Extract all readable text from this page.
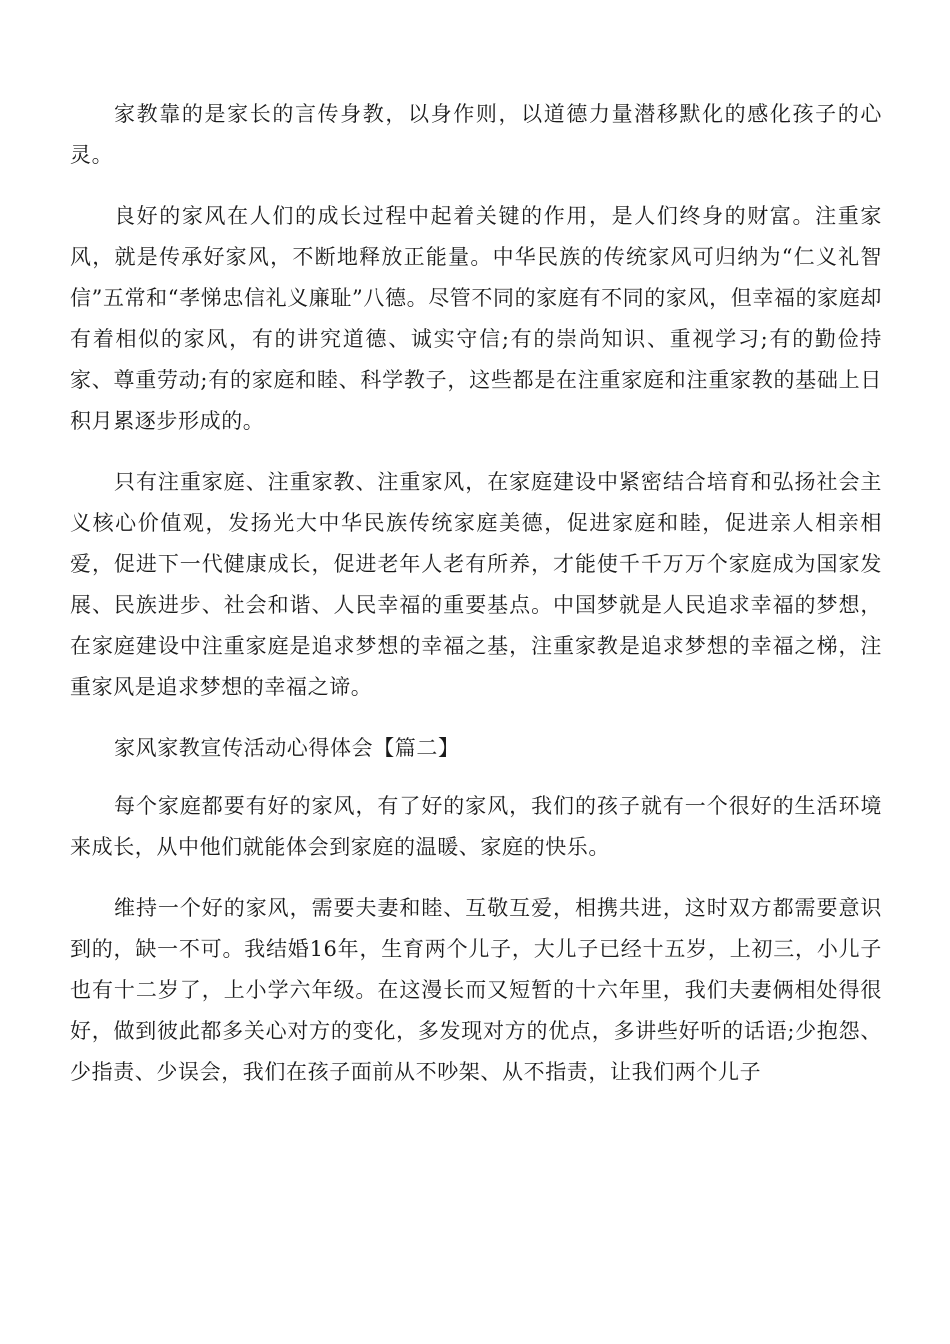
家教靠的是家长的言传身教，以身作则，以道德力量潜移默化的感化孩子的心灵。

良好的家风在人们的成长过程中起着关键的作用，是人们终身的财富。注重家风，就是传承好家风，不断地释放正能量。中华民族的传统家风可归纳为“仁义礼智信”五常和“孝悌忠信礼义廉耻”八德。尽管不同的家庭有不同的家风，但幸福的家庭却有着相似的家风，有的讲究道德、诚实守信;有的崇尚知识、重视学习;有的勤俭持家、尊重劳动;有的家庭和睦、科学教子，这些都是在注重家庭和注重家教的基础上日积月累逐步形成的。

只有注重家庭、注重家教、注重家风，在家庭建设中紧密结合培育和弘扬社会主义核心价值观，发扬光大中华民族传统家庭美德，促进家庭和睦，促进亲人相亲相爱，促进下一代健康成长，促进老年人老有所养，才能使千千万万个家庭成为国家发展、民族进步、社会和谐、人民幸福的重要基点。中国梦就是人民追求幸福的梦想，在家庭建设中注重家庭是追求梦想的幸福之基，注重家教是追求梦想的幸福之梯，注重家风是追求梦想的幸福之谛。

家风家教宣传活动心得体会【篇二】

每个家庭都要有好的家风，有了好的家风，我们的孩子就有一个很好的生活环境来成长，从中他们就能体会到家庭的温暖、家庭的快乐。

维持一个好的家风，需要夫妻和睦、互敬互爱，相携共进，这时双方都需要意识到的，缺一不可。我结婚16年，生育两个儿子，大儿子已经十五岁，上初三，小儿子也有十二岁了，上小学六年级。在这漫长而又短暂的十六年里，我们夫妻俩相处得很好，做到彼此都多关心对方的变化，多发现对方的优点，多讲些好听的话语;少抱怨、少指责、少误会，我们在孩子面前从不吵架、从不指责，让我们两个儿子
